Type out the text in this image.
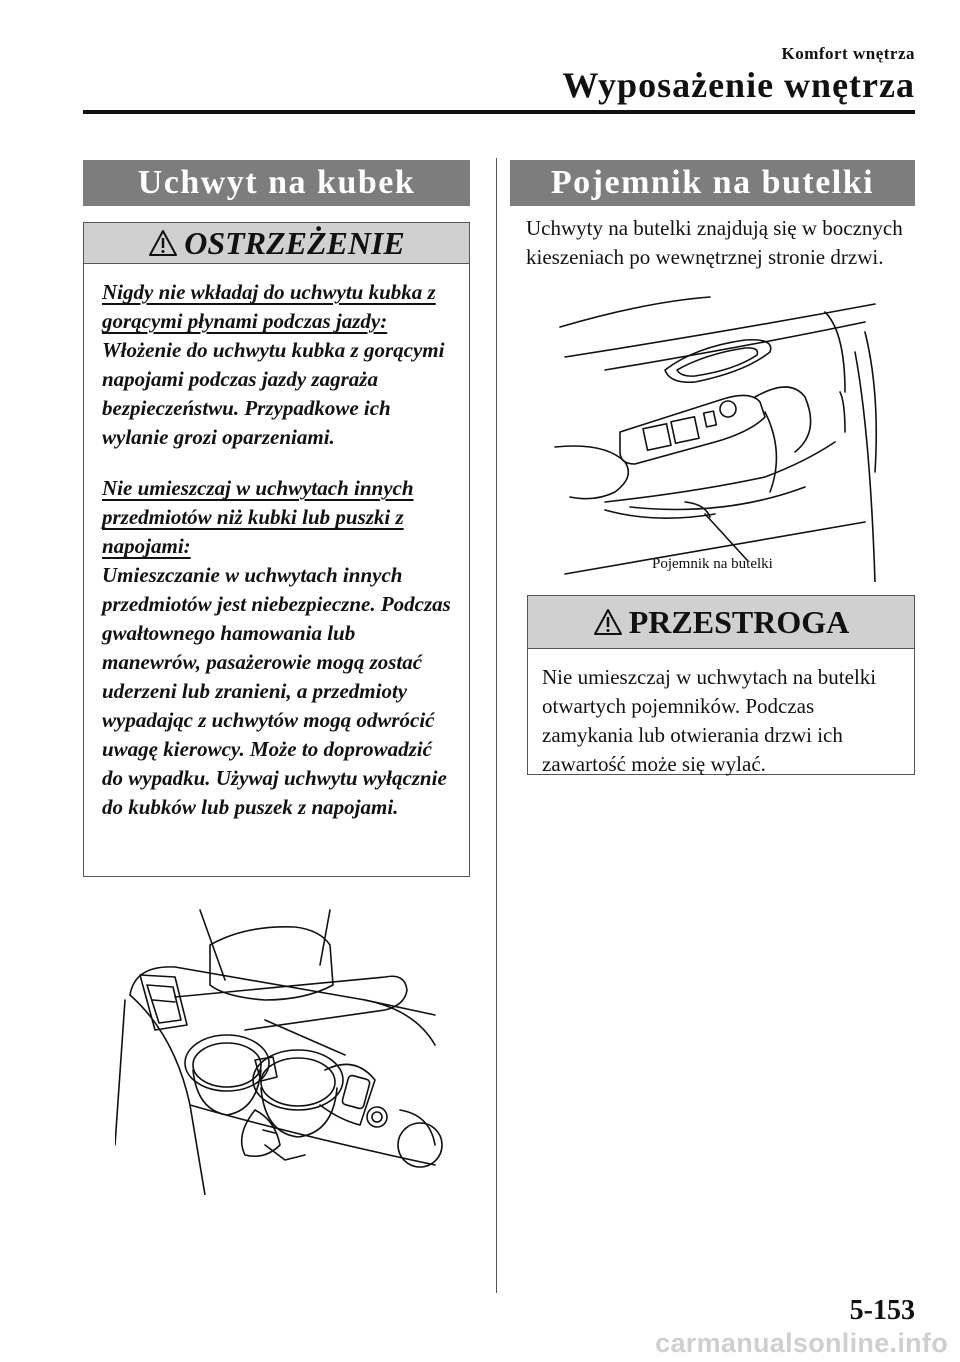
Komfort wnętrza
Wyposażenie wnętrza
Uchwyt na kubek
OSTRZEŻENIE
Nigdy nie wkładaj do uchwytu kubka z gorącymi płynami podczas jazdy:
Włożenie do uchwytu kubka z gorącymi napojami podczas jazdy zagraża bezpieczeństwu. Przypadkowe ich wylanie grozi oparzeniami.
Nie umieszczaj w uchwytach innych przedmiotów niż kubki lub puszki z napojami:
Umieszczanie w uchwytach innych przedmiotów jest niebezpieczne. Podczas gwałtownego hamowania lub manewrów, pasażerowie mogą zostać uderzeni lub zranieni, a przedmioty wypadając z uchwytów mogą odwrócić uwagę kierowcy. Może to doprowadzić do wypadku. Używaj uchwytu wyłącznie do kubków lub puszek z napojami.
Pojemnik na butelki
Uchwyty na butelki znajdują się w bocznych kieszeniach po wewnętrznej stronie drzwi.
Pojemnik na butelki
PRZESTROGA
Nie umieszczaj w uchwytach na butelki otwartych pojemników. Podczas zamykania lub otwierania drzwi ich zawartość może się wylać.
5-153
carmanualsonline.info
